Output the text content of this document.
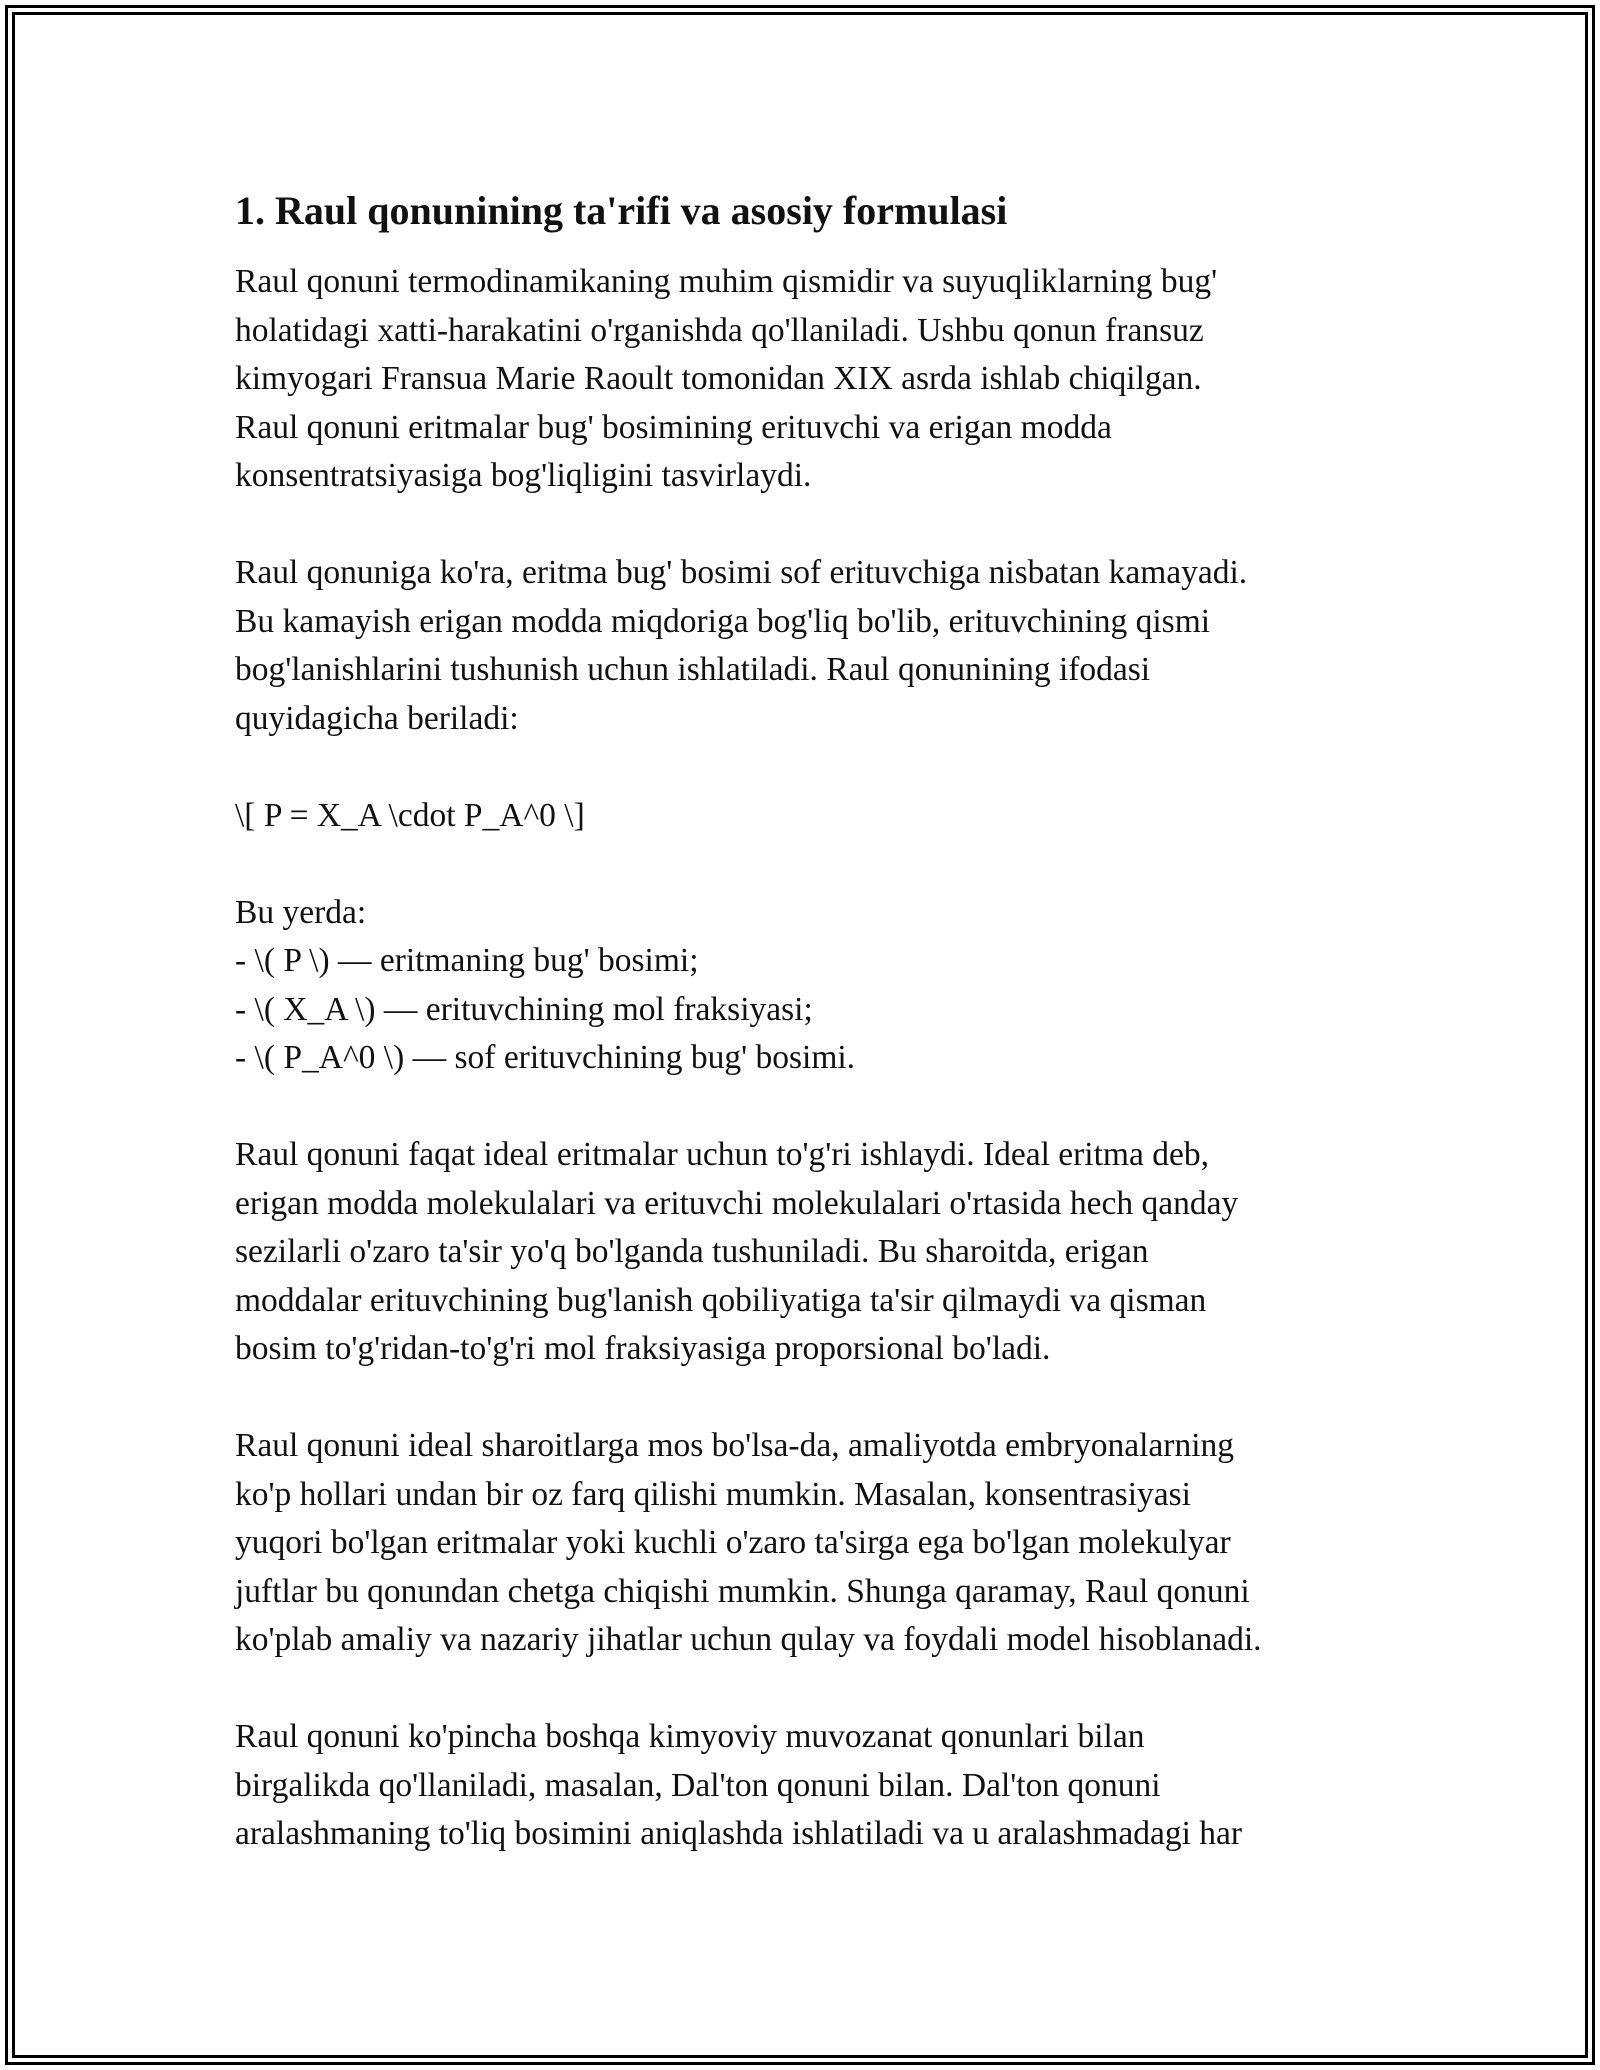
1. Raul qonunining ta'rifi va asosiy formulasi

Raul qonuni termodinamikaning muhim qismidir va suyuqliklarning bug'
holatidagi xatti-harakatini o'rganishda qo'llaniladi. Ushbu qonun fransuz
kimyogari Fransua Marie Raoult tomonidan XIX asrda ishlab chiqilgan.
Raul qonuni eritmalar bug' bosimining erituvchi va erigan modda
konsentratsiyasiga bog'liqligini tasvirlaydi.

Raul qonuniga ko'ra, eritma bug' bosimi sof erituvchiga nisbatan kamayadi.
Bu kamayish erigan modda miqdoriga bog'liq bo'lib, erituvchining qismi
bog'lanishlarini tushunish uchun ishlatiladi. Raul qonunining ifodasi
quyidagicha beriladi:

\[ P = X_A \cdot P_A^0 \]

Bu yerda:

- \( P \) — eritmaning bug' bosimi;

- \( X_A \) — erituvchining mol fraksiyasi;

- \( P_A^0 \) — sof erituvchining bug' bosimi.

Raul qonuni faqat ideal eritmalar uchun to'g'ri ishlaydi. Ideal eritma deb,
erigan modda molekulalari va erituvchi molekulalari o'rtasida hech qanday
sezilarli o'zaro ta'sir yo'q bo'lganda tushuniladi. Bu sharoitda, erigan
moddalar erituvchining bug'lanish qobiliyatiga ta'sir qilmaydi va qisman
bosim to'g'ridan-to'g'ri mol fraksiyasiga proporsional bo'ladi.

Raul qonuni ideal sharoitlarga mos bo'lsa-da, amaliyotda embryonalarning
ko'p hollari undan bir oz farq qilishi mumkin. Masalan, konsentrasiyasi
yuqori bo'lgan eritmalar yoki kuchli o'zaro ta'sirga ega bo'lgan molekulyar
juftlar bu qonundan chetga chiqishi mumkin. Shunga qaramay, Raul qonuni
ko'plab amaliy va nazariy jihatlar uchun qulay va foydali model hisoblanadi.

Raul qonuni ko'pincha boshqa kimyoviy muvozanat qonunlari bilan
birgalikda qo'llaniladi, masalan, Dal'ton qonuni bilan. Dal'ton qonuni
aralashmaning to'liq bosimini aniqlashda ishlatiladi va u aralashmadagi har
